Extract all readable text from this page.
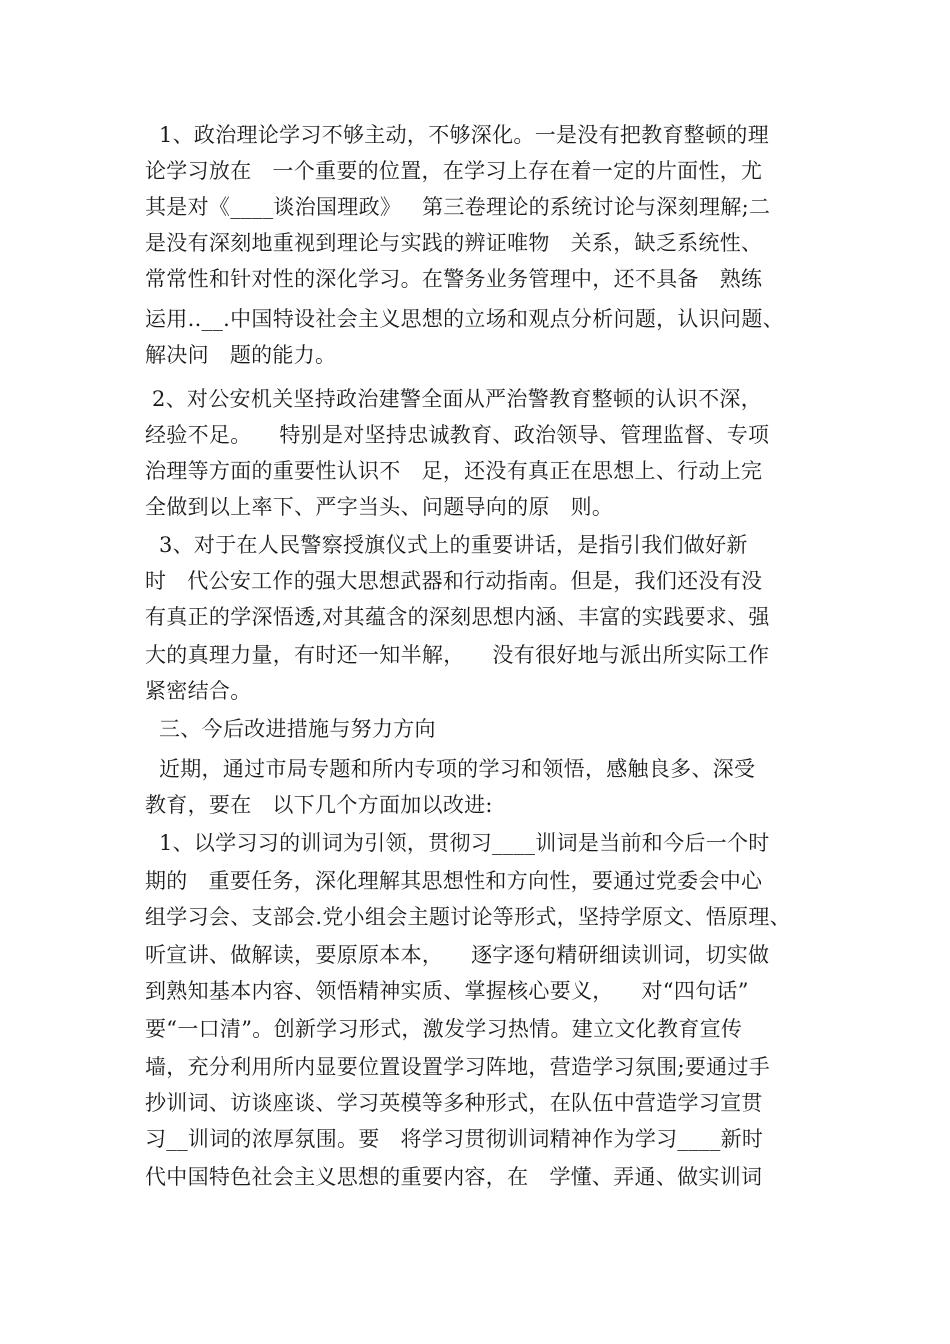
1、政治理论学习不够主动，不够深化。一是没有把教育整顿的理
论学习放在   一个重要的位置，在学习上存在着一定的片面性，尤
其是对《____谈治国理政》   第三卷理论的系统讨论与深刻理解;二
是没有深刻地重视到理论与实践的辨证唯物   关系，缺乏系统性、
常常性和针对性的深化学习。在警务业务管理中，还不具备   熟练
运用..__.中国特设社会主义思想的立场和观点分析问题，认识问题、
解决问   题的能力。
2、对公安机关坚持政治建警全面从严治警教育整顿的认识不深，
经验不足。    特别是对坚持忠诚教育、政治领导、管理监督、专项
治理等方面的重要性认识不   足，还没有真正在思想上、行动上完
全做到以上率下、严字当头、问题导向的原   则。
3、对于在人民警察授旗仪式上的重要讲话，是指引我们做好新
时   代公安工作的强大思想武器和行动指南。但是，我们还没有没
有真正的学深悟透,对其蕴含的深刻思想内涵、丰富的实践要求、强
大的真理力量，有时还一知半解，    没有很好地与派出所实际工作
紧密结合。
三、今后改进措施与努力方向
近期，通过市局专题和所内专项的学习和领悟，感触良多、深受
教育，要在   以下几个方面加以改进:
1、以学习习的训词为引领，贯彻习____训词是当前和今后一个时
期的   重要任务，深化理解其思想性和方向性，要通过党委会中心
组学习会、支部会.党小组会主题讨论等形式，坚持学原文、悟原理、
听宣讲、做解读，要原原本本，    逐字逐句精研细读训词，切实做
到熟知基本内容、领悟精神实质、掌握核心要义，    对“四句话”
要“一口清”。创新学习形式，激发学习热情。建立文化教育宣传
墙，充分利用所内显要位置设置学习阵地，营造学习氛围;要通过手
抄训词、访谈座谈、学习英模等多种形式，在队伍中营造学习宣贯
习__训词的浓厚氛围。要   将学习贯彻训词精神作为学习____新时
代中国特色社会主义思想的重要内容，在   学懂、弄通、做实训词
